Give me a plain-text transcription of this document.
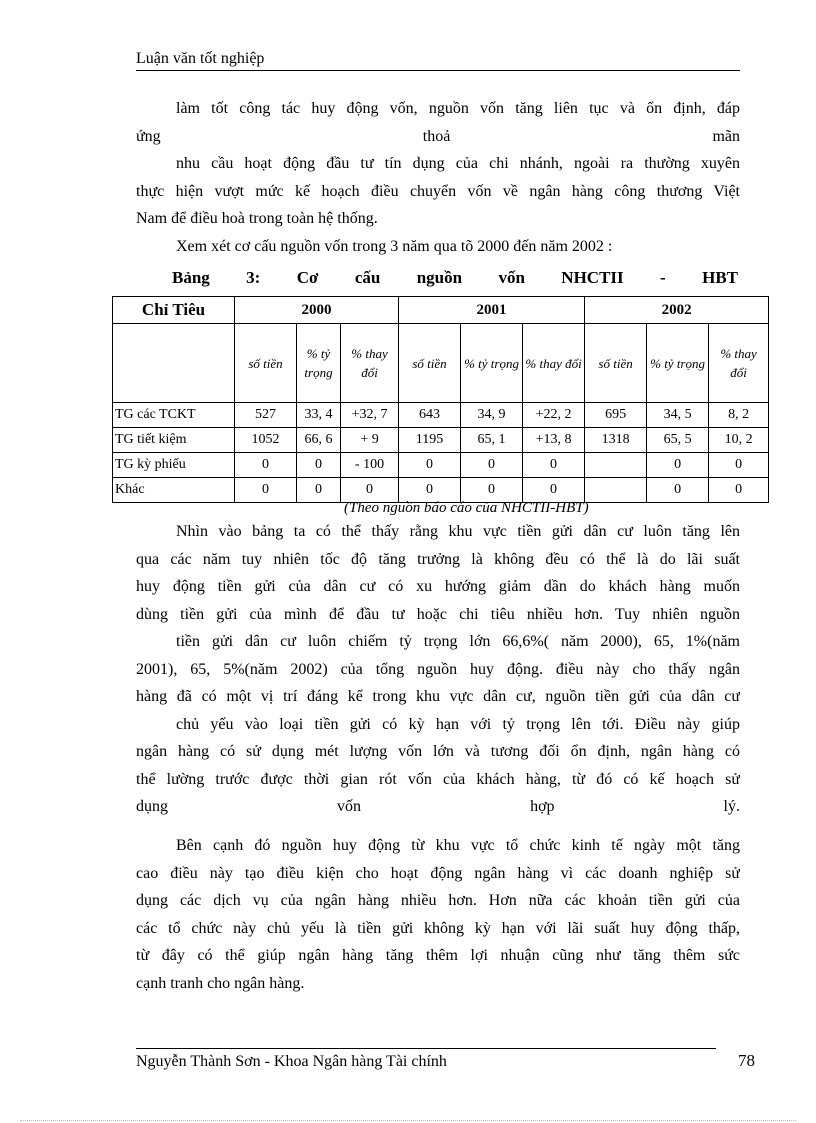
Luận văn tốt nghiệp
làm tốt công tác huy động vốn, nguồn vốn tăng liên tục và ổn định, đáp
ứng thoả mãn
nhu cầu hoạt động đầu tư tín dụng của chi nhánh, ngoài ra thường xuyên
thực hiện vượt mức kế hoạch điều chuyển vốn về ngân hàng công thương Việt
Nam để điều hoà trong toàn hệ thống.
Xem xét cơ cấu nguồn vốn trong 3 năm qua tõ 2000 đến năm 2002 :
Bảng 3: Cơ cấu nguồn vốn NHCTII - HBT
Chỉ Tiêu	2000			2001			2002		
	số tiền	% tỷ trọng	% thay đổi	số tiền	% tỷ trọng	% thay đổi	số tiền	% tỷ trọng	% thay đổi
TG các TCKT	527	33, 4	+32, 7	643	34, 9	+22, 2	695	34, 5	8, 2
TG tiết kiệm	1052	66, 6	+ 9	1195	65, 1	+13, 8	1318	65, 5	10, 2
TG kỳ phiếu	0	0	- 100	0	0	0		0	0
Khác	0	0	0	0	0	0		0	0
(Theo nguồn báo cáo của NHCTII-HBT)
Nhìn vào bảng ta có thể thấy rằng khu vực tiền gửi dân cư luôn tăng lên
qua các năm tuy nhiên tốc độ tăng trưởng là không đều có thể là do lãi suất
huy động tiền gửi của dân cư có xu hướng giảm dần do khách hàng muốn
dùng tiền gửi của mình để đầu tư hoặc chi tiêu nhiều hơn. Tuy nhiên nguồn
tiền gửi dân cư luôn chiếm tỷ trọng lớn 66,6%( năm 2000), 65, 1%(năm
2001), 65, 5%(năm 2002) của tổng nguồn huy động. điều này cho thấy ngân
hàng đã có một vị trí đáng kể trong khu vực dân cư, nguồn tiền gửi của dân cư
chủ yếu vào loại tiền gửi có kỳ hạn với tỷ trọng lên tới. Điều này giúp
ngân hàng có sử dụng mét lượng vốn lớn và tương đối ổn định, ngân hàng có
thể lường trước được thời gian rót vốn của khách hàng, từ đó có kế hoạch sử
dụng vốn hợp lý.
Bên cạnh đó nguồn huy động từ khu vực tổ chức kinh tế ngày một tăng
cao điều này tạo điều kiện cho hoạt động ngân hàng vì các doanh nghiệp sử
dụng các dịch vụ của ngân hàng nhiều hơn. Hơn nữa các khoản tiền gửi của
các tổ chức này chủ yếu là tiền gửi không kỳ hạn với lãi suất huy động thấp,
từ đây có thể giúp ngân hàng tăng thêm lợi nhuận cũng như tăng thêm sức
cạnh tranh cho ngân hàng.
Nguyễn Thành Sơn - Khoa Ngân hàng Tài chính	78
